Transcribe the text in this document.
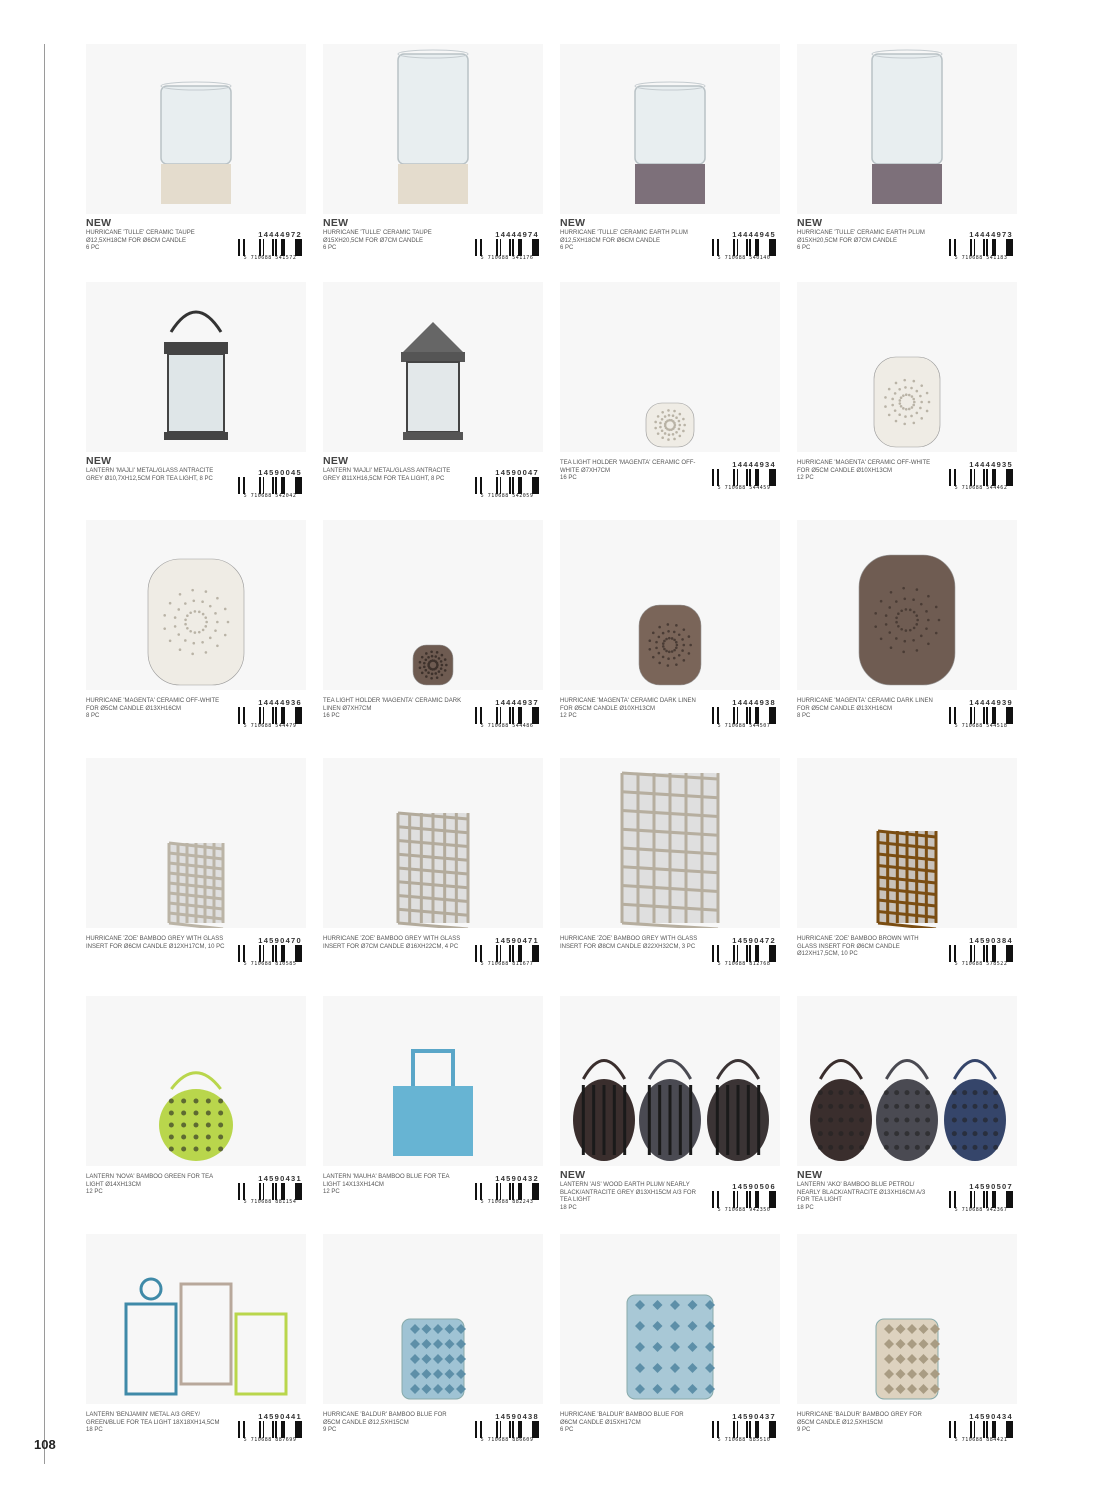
NEW
HURRICANE 'TULLE' CERAMIC TAUPE Ø12,5XH18CM FOR Ø6CM CANDLE
6 PC
14444972
5 710688 541572
NEW
HURRICANE 'TULLE' CERAMIC TAUPE Ø15XH20,5CM FOR Ø7CM CANDLE
6 PC
14444974
5 710688 541176
NEW
HURRICANE 'TULLE' CERAMIC EARTH PLUM Ø12,5XH18CM FOR Ø6CM CANDLE
6 PC
14444945
5 710688 540140
NEW
HURRICANE 'TULLE' CERAMIC EARTH PLUM Ø15XH20,5CM FOR Ø7CM CANDLE
6 PC
14444973
5 710688 541183
NEW
LANTERN 'MAJLI' METAL/GLASS ANTRACITE GREY Ø10,7XH12,5CM FOR TEA LIGHT, 8 PC
14590045
5 710688 542042
NEW
LANTERN 'MAJLI' METAL/GLASS ANTRACITE GREY Ø11XH16,5CM FOR TEA LIGHT, 8 PC
14590047
5 710688 542059
TEA LIGHT HOLDER 'MAGENTA' CERAMIC OFF-WHITE Ø7XH7CM
16 PC
14444934
5 710688 544459
HURRICANE 'MAGENTA' CERAMIC OFF-WHITE FOR Ø5CM CANDLE Ø10XH13CM
12 PC
14444935
5 710688 544462
HURRICANE 'MAGENTA' CERAMIC OFF-WHITE FOR Ø5CM CANDLE Ø13XH16CM
8 PC
14444936
5 710688 544479
TEA LIGHT HOLDER 'MAGENTA' CERAMIC DARK LINEN Ø7XH7CM
16 PC
14444937
5 710688 544486
HURRICANE 'MAGENTA' CERAMIC DARK LINEN FOR Ø5CM CANDLE Ø10XH13CM
12 PC
14444938
5 710688 544507
HURRICANE 'MAGENTA' CERAMIC DARK LINEN FOR Ø5CM CANDLE Ø13XH16CM
8 PC
14444939
5 710688 544518
HURRICANE 'ZOE' BAMBOO GREY WITH GLASS INSERT FOR Ø6CM CANDLE Ø12XH17CM, 10 PC
14590470
5 710688 810585
HURRICANE 'ZOE' BAMBOO GREY WITH GLASS INSERT FOR Ø7CM CANDLE Ø16XH22CM, 4 PC
14590471
5 710688 811677
HURRICANE 'ZOE' BAMBOO GREY WITH GLASS INSERT FOR Ø8CM CANDLE Ø22XH32CM, 3 PC
14590472
5 710688 812768
HURRICANE 'ZOE' BAMBOO BROWN WITH GLASS INSERT FOR Ø6CM CANDLE Ø12XH17,5CM, 10 PC
14590384
5 710688 578522
LANTERN 'NOVA' BAMBOO GREEN FOR TEA LIGHT Ø14XH13CM
12 PC
14590431
5 710688 881154
LANTERN 'MAUHA' BAMBOO BLUE FOR TEA LIGHT 14X13XH14CM
12 PC
14590432
5 710688 882243
NEW
LANTERN 'AIS' WOOD EARTH PLUM/ NEARLY BLACK/ANTRACITE GREY Ø13XH15CM A/3 FOR TEA LIGHT
18 PC
14590506
5 710688 942350
NEW
LANTERN 'AKO' BAMBOO BLUE PETROL/ NEARLY BLACK/ANTRACITE Ø13XH16CM A/3 FOR TEA LIGHT
18 PC
14590507
5 710688 942367
LANTERN 'BENJAMIN' METAL A/3 GREY/ GREEN/BLUE FOR TEA LIGHT 18X18XH14,5CM
18 PC
14590441
5 710688 887699
HURRICANE 'BALDUR' BAMBOO BLUE FOR Ø5CM CANDLE Ø12,5XH15CM
9 PC
14590438
5 710688 886609
HURRICANE 'BALDUR' BAMBOO BLUE FOR Ø6CM CANDLE Ø15XH17CM
6 PC
14590437
5 710688 885510
HURRICANE 'BALDUR' BAMBOO GREY FOR Ø5CM CANDLE Ø12,5XH15CM
9 PC
14590434
5 710688 884421
108
